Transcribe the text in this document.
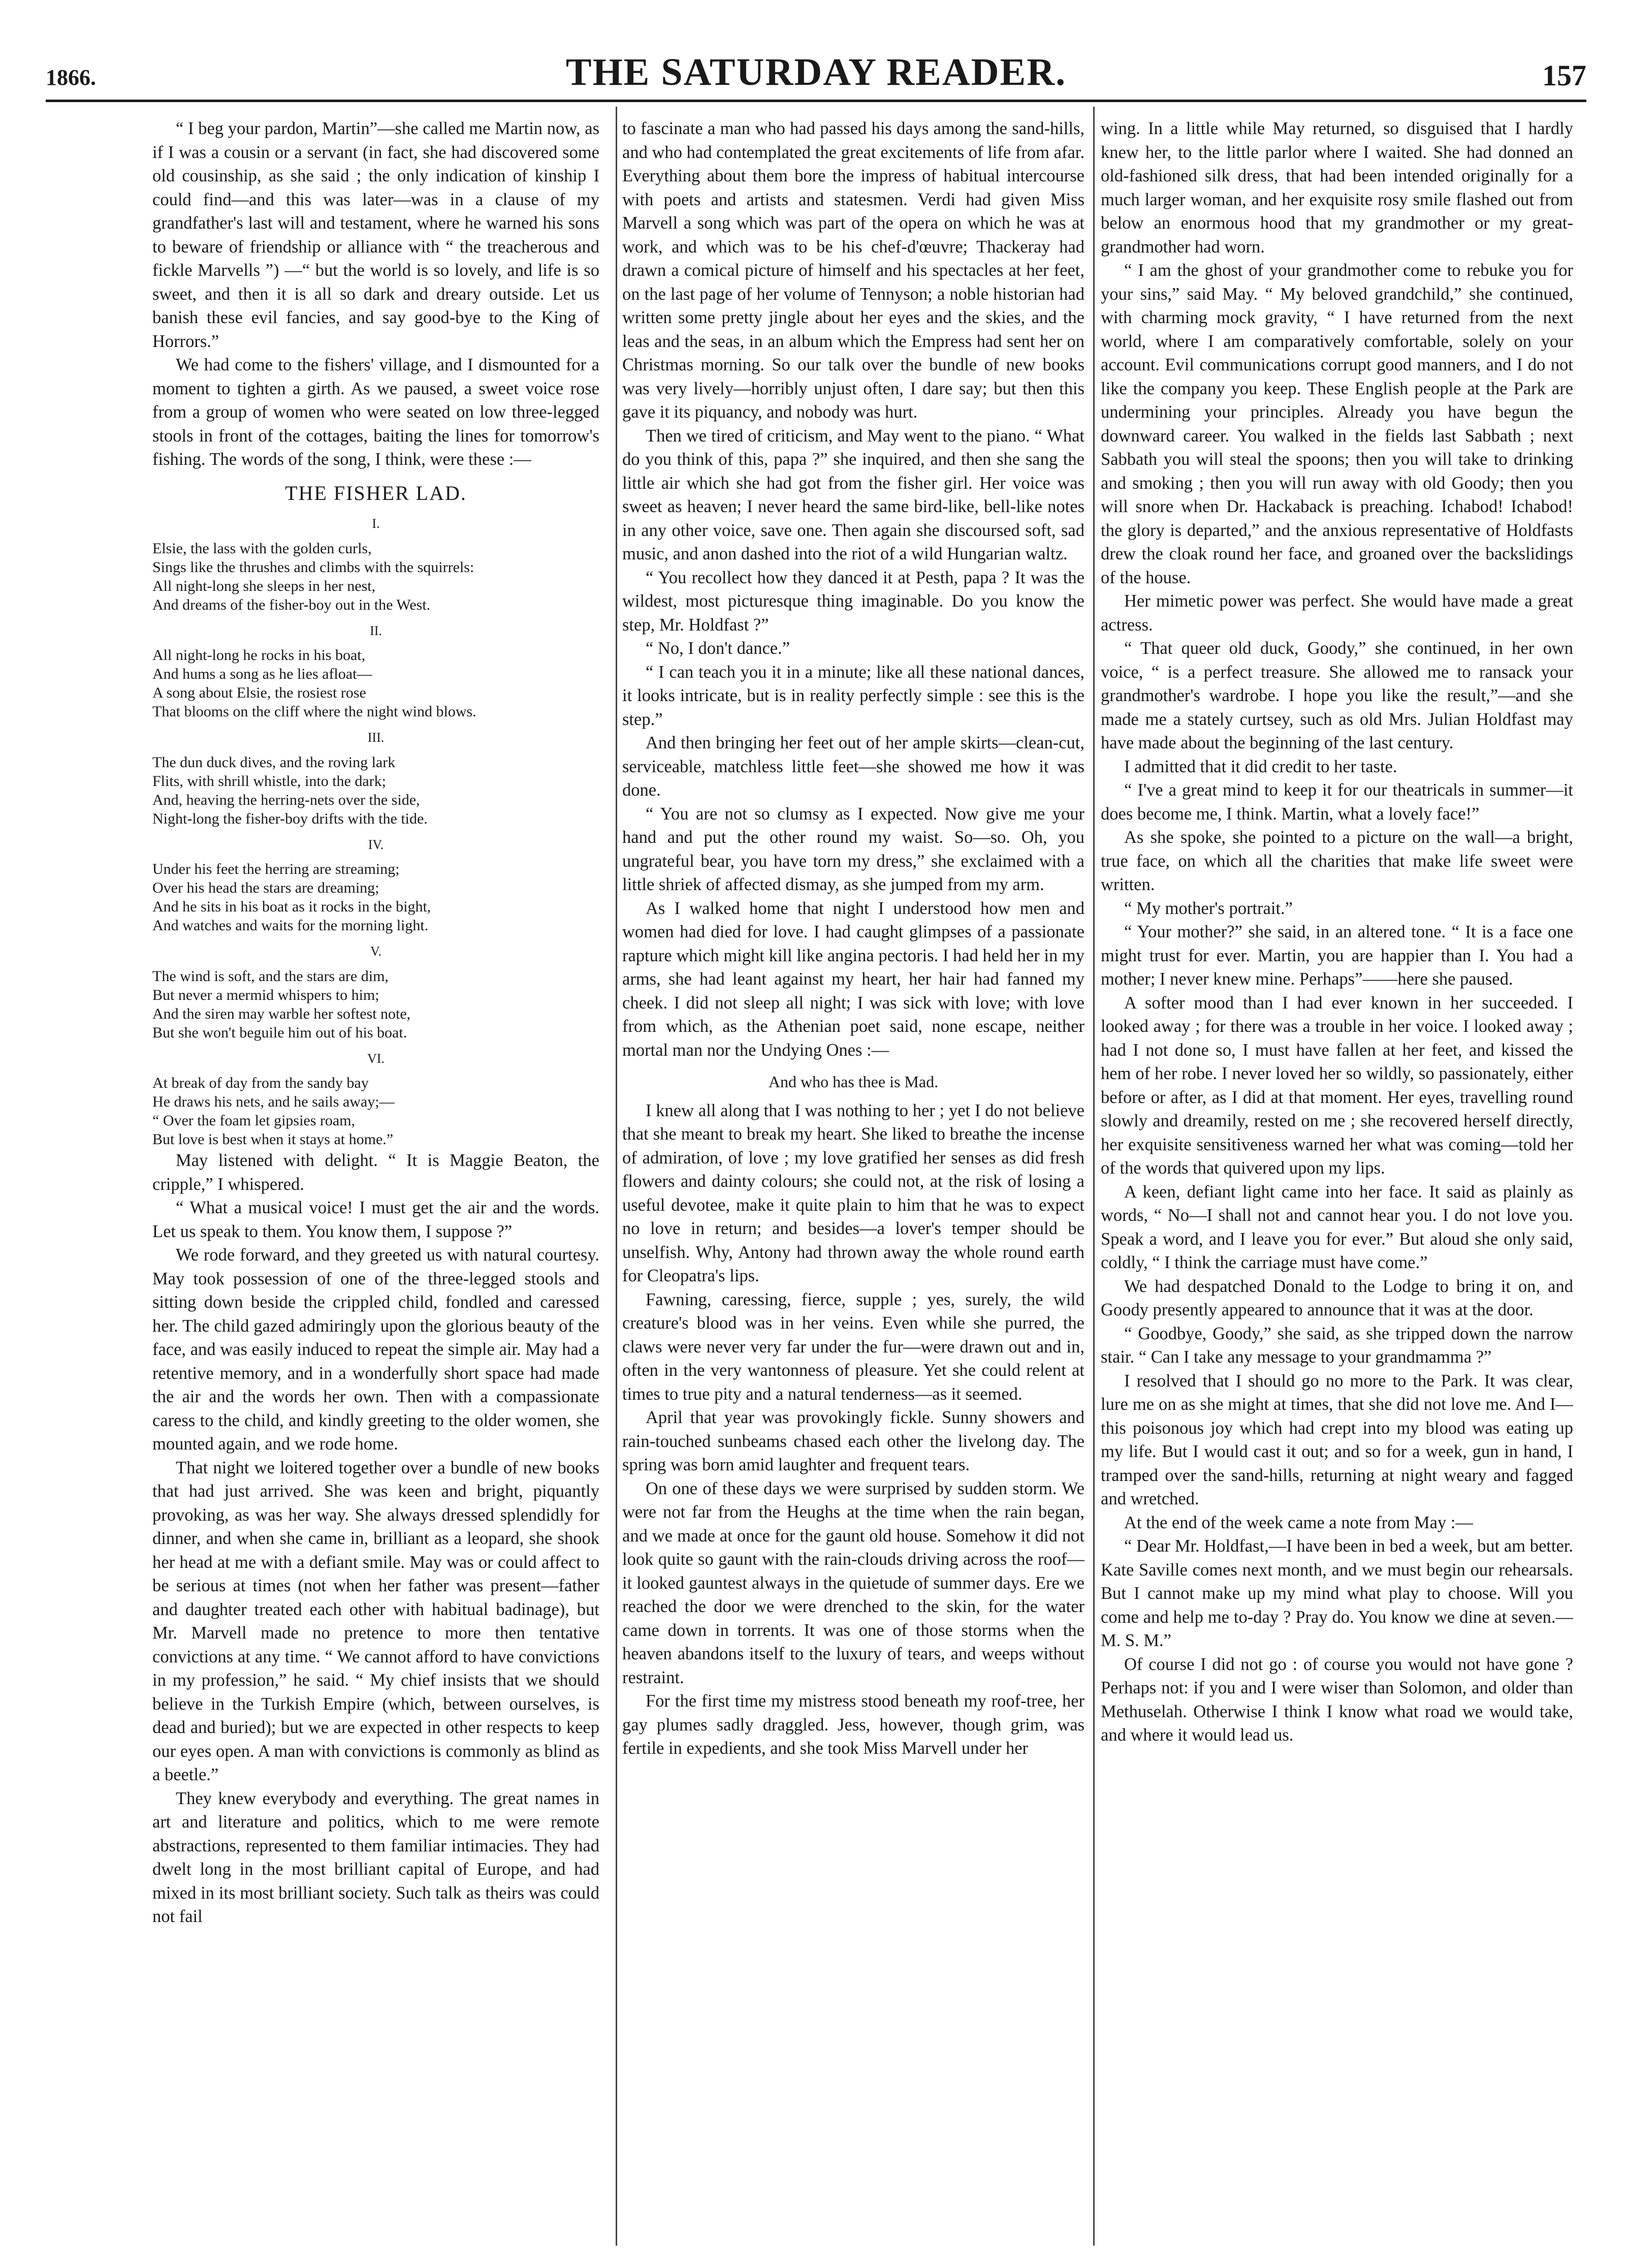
1866.	THE SATURDAY READER.	157

“ I beg your pardon, Martin”—she called me Martin now, as if I was a cousin or a servant (in fact, she had discovered some old cousinship, as she said ; the only indication of kinship I could find—and this was later—was in a clause of my grandfather's last will and testament, where he warned his sons to beware of friendship or alliance with “ the treacherous and fickle Marvells ”) —“ but the world is so lovely, and life is so sweet, and then it is all so dark and dreary outside. Let us banish these evil fancies, and say good-bye to the King of Horrors.”

We had come to the fishers' village, and I dismounted for a moment to tighten a girth. As we paused, a sweet voice rose from a group of women who were seated on low three-legged stools in front of the cottages, baiting the lines for tomorrow's fishing. The words of the song, I think, were these :—

THE FISHER LAD.
I.
Elsie, the lass with the golden curls,
Sings like the thrushes and climbs with the squirrels:
All night-long she sleeps in her nest,
And dreams of the fisher-boy out in the West.
II.
All night-long he rocks in his boat,
And hums a song as he lies afloat—
A song about Elsie, the rosiest rose
That blooms on the cliff where the night wind blows.
III.
The dun duck dives, and the roving lark
Flits, with shrill whistle, into the dark;
And, heaving the herring-nets over the side,
Night-long the fisher-boy drifts with the tide.
IV.
Under his feet the herring are streaming;
Over his head the stars are dreaming;
And he sits in his boat as it rocks in the bight,
And watches and waits for the morning light.
V.
The wind is soft, and the stars are dim,
But never a mermid whispers to him;
And the siren may warble her softest note,
But she won't beguile him out of his boat.
VI.
At break of day from the sandy bay
He draws his nets, and he sails away;—
“ Over the foam let gipsies roam,
But love is best when it stays at home.”

May listened with delight. “ It is Maggie Beaton, the cripple,” I whispered.

“ What a musical voice! I must get the air and the words. Let us speak to them. You know them, I suppose ?”

We rode forward, and they greeted us with natural courtesy. May took possession of one of the three-legged stools and sitting down beside the crippled child, fondled and caressed her. The child gazed admiringly upon the glorious beauty of the face, and was easily induced to repeat the simple air. May had a retentive memory, and in a wonderfully short space had made the air and the words her own. Then with a compassionate caress to the child, and kindly greeting to the older women, she mounted again, and we rode home.

That night we loitered together over a bundle of new books that had just arrived. She was keen and bright, piquantly provoking, as was her way. She always dressed splendidly for dinner, and when she came in, brilliant as a leopard, she shook her head at me with a defiant smile. May was or could affect to be serious at times (not when her father was present—father and daughter treated each other with habitual badinage), but Mr. Marvell made no pretence to more then tentative convictions at any time. “ We cannot afford to have convictions in my profession,” he said. “ My chief insists that we should believe in the Turkish Empire (which, between ourselves, is dead and buried); but we are expected in other respects to keep our eyes open. A man with convictions is commonly as blind as a beetle.”

They knew everybody and everything. The great names in art and literature and politics, which to me were remote abstractions, represented to them familiar intimacies. They had dwelt long in the most brilliant capital of Europe, and had mixed in its most brilliant society. Such talk as theirs was could not fail

to fascinate a man who had passed his days among the sand-hills, and who had contemplated the great excitements of life from afar. Everything about them bore the impress of habitual intercourse with poets and artists and statesmen. Verdi had given Miss Marvell a song which was part of the opera on which he was at work, and which was to be his chef-d'œuvre; Thackeray had drawn a comical picture of himself and his spectacles at her feet, on the last page of her volume of Tennyson; a noble historian had written some pretty jingle about her eyes and the skies, and the leas and the seas, in an album which the Empress had sent her on Christmas morning. So our talk over the bundle of new books was very lively—horribly unjust often, I dare say; but then this gave it its piquancy, and nobody was hurt.

Then we tired of criticism, and May went to the piano. “ What do you think of this, papa ?” she inquired, and then she sang the little air which she had got from the fisher girl. Her voice was sweet as heaven; I never heard the same bird-like, bell-like notes in any other voice, save one. Then again she discoursed soft, sad music, and anon dashed into the riot of a wild Hungarian waltz.

“ You recollect how they danced it at Pesth, papa ? It was the wildest, most picturesque thing imaginable. Do you know the step, Mr. Holdfast ?”

“ No, I don't dance.”

“ I can teach you it in a minute; like all these national dances, it looks intricate, but is in reality perfectly simple : see this is the step.”

And then bringing her feet out of her ample skirts—clean-cut, serviceable, matchless little feet—she showed me how it was done.

“ You are not so clumsy as I expected. Now give me your hand and put the other round my waist. So—so. Oh, you ungrateful bear, you have torn my dress,” she exclaimed with a little shriek of affected dismay, as she jumped from my arm.

As I walked home that night I understood how men and women had died for love. I had caught glimpses of a passionate rapture which might kill like angina pectoris. I had held her in my arms, she had leant against my heart, her hair had fanned my cheek. I did not sleep all night; I was sick with love; with love from which, as the Athenian poet said, none escape, neither mortal man nor the Undying Ones :—

And who has thee is Mad.

I knew all along that I was nothing to her ; yet I do not believe that she meant to break my heart. She liked to breathe the incense of admiration, of love ; my love gratified her senses as did fresh flowers and dainty colours; she could not, at the risk of losing a useful devotee, make it quite plain to him that he was to expect no love in return; and besides—a lover's temper should be unselfish. Why, Antony had thrown away the whole round earth for Cleopatra's lips.

Fawning, caressing, fierce, supple ; yes, surely, the wild creature's blood was in her veins. Even while she purred, the claws were never very far under the fur—were drawn out and in, often in the very wantonness of pleasure. Yet she could relent at times to true pity and a natural tenderness—as it seemed.

April that year was provokingly fickle. Sunny showers and rain-touched sunbeams chased each other the livelong day. The spring was born amid laughter and frequent tears.

On one of these days we were surprised by sudden storm. We were not far from the Heughs at the time when the rain began, and we made at once for the gaunt old house. Somehow it did not look quite so gaunt with the rain-clouds driving across the roof—it looked gauntest always in the quietude of summer days. Ere we reached the door we were drenched to the skin, for the water came down in torrents. It was one of those storms when the heaven abandons itself to the luxury of tears, and weeps without restraint.

For the first time my mistress stood beneath my roof-tree, her gay plumes sadly draggled. Jess, however, though grim, was fertile in expedients, and she took Miss Marvell under her

wing. In a little while May returned, so disguised that I hardly knew her, to the little parlor where I waited. She had donned an old-fashioned silk dress, that had been intended originally for a much larger woman, and her exquisite rosy smile flashed out from below an enormous hood that my grandmother or my great-grandmother had worn.

“ I am the ghost of your grandmother come to rebuke you for your sins,” said May. “ My beloved grandchild,” she continued, with charming mock gravity, “ I have returned from the next world, where I am comparatively comfortable, solely on your account. Evil communications corrupt good manners, and I do not like the company you keep. These English people at the Park are undermining your principles. Already you have begun the downward career. You walked in the fields last Sabbath ; next Sabbath you will steal the spoons; then you will take to drinking and smoking ; then you will run away with old Goody; then you will snore when Dr. Hackaback is preaching. Ichabod! Ichabod! the glory is departed,” and the anxious representative of Holdfasts drew the cloak round her face, and groaned over the backslidings of the house.

Her mimetic power was perfect. She would have made a great actress.

“ That queer old duck, Goody,” she continued, in her own voice, “ is a perfect treasure. She allowed me to ransack your grandmother's wardrobe. I hope you like the result,”—and she made me a stately curtsey, such as old Mrs. Julian Holdfast may have made about the beginning of the last century.

I admitted that it did credit to her taste.

“ I've a great mind to keep it for our theatricals in summer—it does become me, I think. Martin, what a lovely face!”

As she spoke, she pointed to a picture on the wall—a bright, true face, on which all the charities that make life sweet were written.

“ My mother's portrait.”

“ Your mother?” she said, in an altered tone. “ It is a face one might trust for ever. Martin, you are happier than I. You had a mother; I never knew mine. Perhaps”——here she paused.

A softer mood than I had ever known in her succeeded. I looked away ; for there was a trouble in her voice. I looked away ; had I not done so, I must have fallen at her feet, and kissed the hem of her robe. I never loved her so wildly, so passionately, either before or after, as I did at that moment. Her eyes, travelling round slowly and dreamily, rested on me ; she recovered herself directly, her exquisite sensitiveness warned her what was coming—told her of the words that quivered upon my lips.

A keen, defiant light came into her face. It said as plainly as words, “ No—I shall not and cannot hear you. I do not love you. Speak a word, and I leave you for ever.” But aloud she only said, coldly, “ I think the carriage must have come.”

We had despatched Donald to the Lodge to bring it on, and Goody presently appeared to announce that it was at the door.

“ Goodbye, Goody,” she said, as she tripped down the narrow stair. “ Can I take any message to your grandmamma ?”

I resolved that I should go no more to the Park. It was clear, lure me on as she might at times, that she did not love me. And I—this poisonous joy which had crept into my blood was eating up my life. But I would cast it out; and so for a week, gun in hand, I tramped over the sand-hills, returning at night weary and fagged and wretched.

At the end of the week came a note from May :—

“ Dear Mr. Holdfast,—I have been in bed a week, but am better. Kate Saville comes next month, and we must begin our rehearsals. But I cannot make up my mind what play to choose. Will you come and help me to-day ? Pray do. You know we dine at seven.—M. S. M.”

Of course I did not go : of course you would not have gone ? Perhaps not: if you and I were wiser than Solomon, and older than Methuselah. Otherwise I think I know what road we would take, and where it would lead us.
